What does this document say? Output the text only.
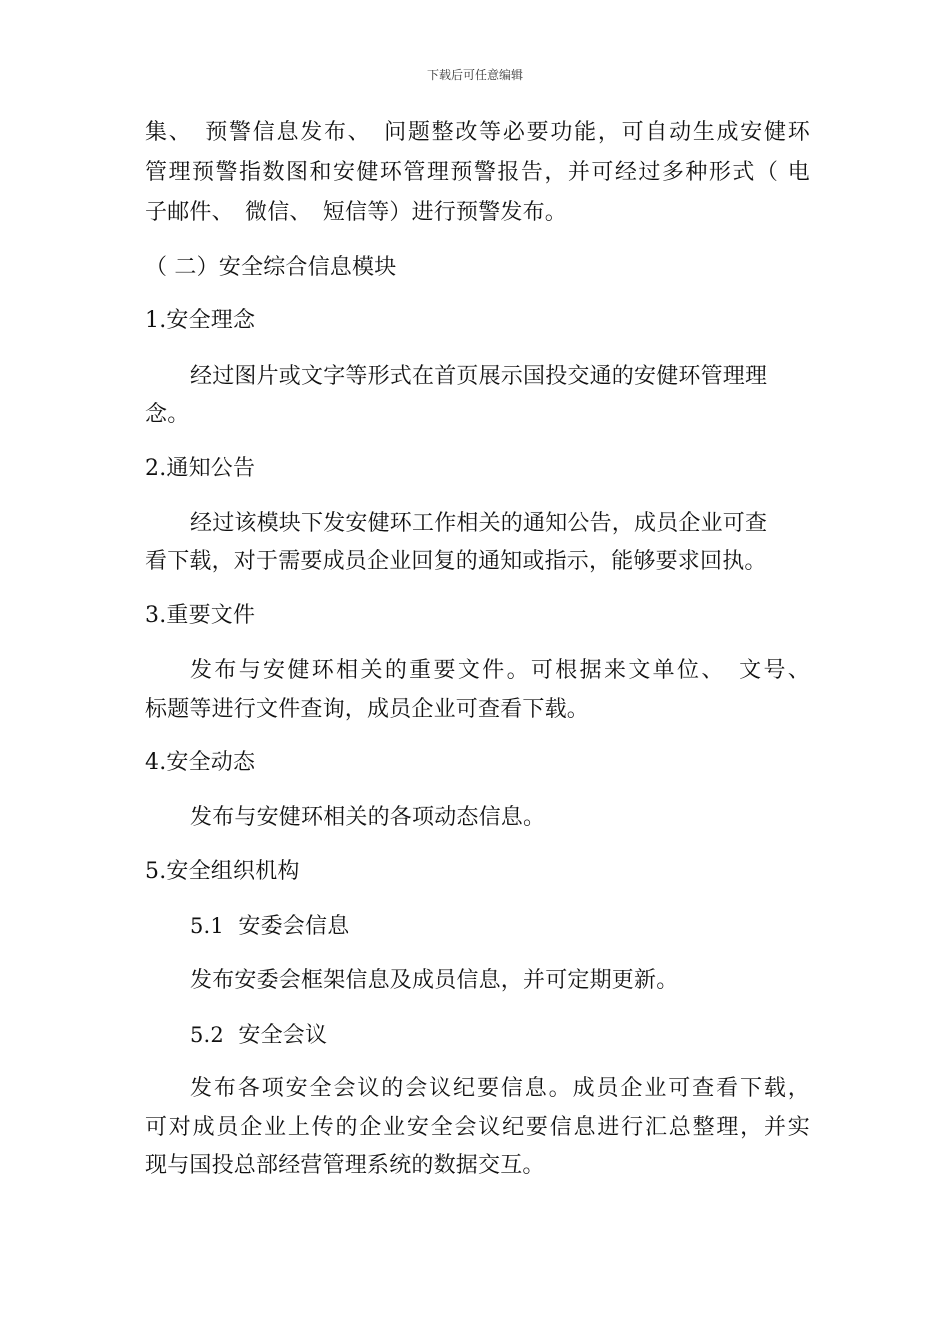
下载后可任意编辑
集、　预警信息发布、　问题整改等必要功能，可自动生成安健环
管理预警指数图和安健环管理预警报告，并可经过多种形式（ 电
子邮件、　微信、　短信等）进行预警发布。
（ 二）安全综合信息模块
1.安全理念
经过图片或文字等形式在首页展示国投交通的安健环管理理
念。
2.通知公告
经过该模块下发安健环工作相关的通知公告，成员企业可查
看下载，对于需要成员企业回复的通知或指示，能够要求回执。
3.重要文件
发布与安健环相关的重要文件。可根据来文单位、　文号、
标题等进行文件查询，成员企业可查看下载。
4.安全动态
发布与安健环相关的各项动态信息。
5.安全组织机构
5.1 安委会信息
发布安委会框架信息及成员信息，并可定期更新。
5.2 安全会议
发布各项安全会议的会议纪要信息。成员企业可查看下载，
可对成员企业上传的企业安全会议纪要信息进行汇总整理，并实
现与国投总部经营管理系统的数据交互。
